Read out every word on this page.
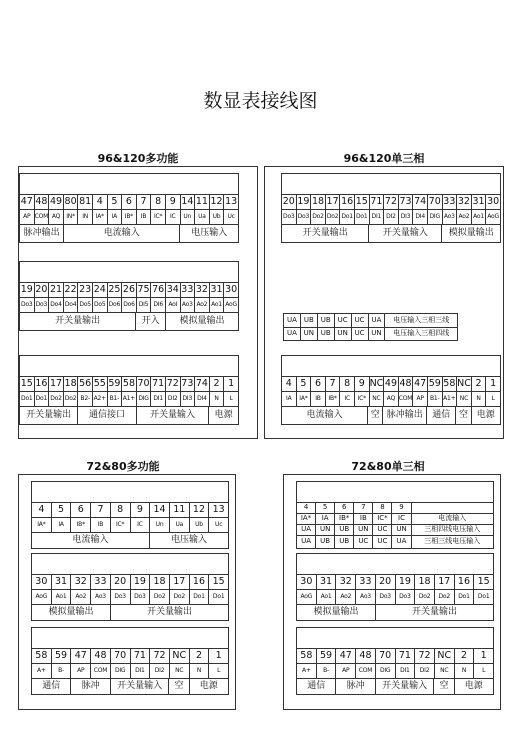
数显表接线图
96&120多功能
47 48 49 80 81 4 5 6 7 8 9 14 11 12 13
AP COM AQ	IN*	IN	IA*	IA	IB*	IB	IC*	IC	Un	Ua	Ub	Uc
脉冲输出	电流输入	电压输入
19 20 21 22 23 24 25 26 75 76 34 33 32 31 30
Do3 Do3 Do4 Do4 Do5 Do5 Do6 Do6 DI5 DI6 AoI Ao3 Ao2 Ao1 AoG
开关量输出	开入	模拟量输出
15 16 17 18 56 55 59 58 70 71 72 73 74 2 1
Do1 Do1 Do2 Do2 B2- A2+ B1- A1+ DIG DI1 DI2 DI3 DI4	N	L
开关量输出	通信接口	开关量输入	电源
96&120单三相
20 19 18 17 16 15 71 72 73 74 70 33 32 31 30
Do3 Do3 Do2 Do2 Do1 Do1 DI1 DI2 DI3 DI4 DIG Ao3 Ao2 Ao1 AoG
开关量输出	开关量输入	模拟量输出
UA UB UB UC UC UA	电压输入三相三线
UA UN UB UN UC UN	电压输入三相四线
4 5 6 7 8 9 NC 49 48 47 59 58 NC 2 1
IA	IA*	IB	IB*	IC	IC*	NC	AQ COM AP	B1- A1+ NC	N	L
电流输入	空 脉冲输出	通信 空 电源
72&80多功能
4	5	6	7	8	9	14 11 12 13
IA*	IA	IB*	IB	IC*	IC	Un	Ua	Ub	Uc
电流输入	电压输入
30 31 32 33 20 19 18 17 16 15
AoG	Ao1	Ao2	Ao3	Do3	Do3	Do2	Do2	Do1	Do1
模拟量输出	开关量输出
58 59 47 48 70 71 72 NC	2	1
A+	B-	AP	COM	DIG	DI1	DI2	NC	N	L
通信	脉冲	开关量输入	空	电源
72&80单三相
4	5	6	7	8	9
IA*	IA	IB*	IB	IC*	IC	电流输入
UA	UN	UB	UN	UC	UN	三相四线电压输入
UA	UB	UB	UC	UC	UA	三相三线电压输入
30 31 32 33 20 19 18 17 16 15
AoG	Ao1	Ao2	Ao3	Do3	Do3	Do2	Do2	Do1	Do1
模拟量输出	开关量输出
58 59 47 48 70 71 72 NC	2	1
A+	B-	AP	COM	DIG	DI1	DI2	NC	N	L
通信	脉冲	开关量输入	空	电源
